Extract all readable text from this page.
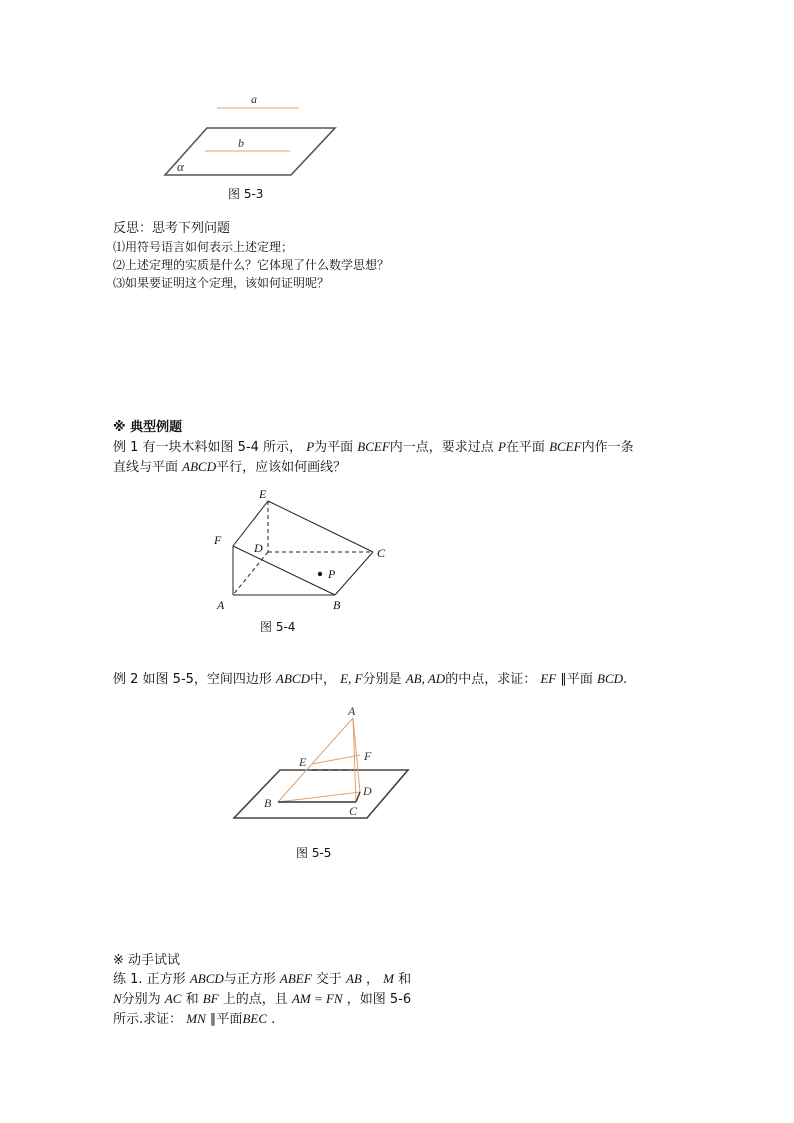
a
b
α
图 5-3
反思：思考下列问题
⑴用符号语言如何表示上述定理；
⑵上述定理的实质是什么？它体现了什么数学思想？
⑶如果要证明这个定理，该如何证明呢？
※ 典型例题
例 1 有一块木料如图 5-4 所示， P为平面 BCEF内一点，要求过点 P在平面 BCEF内作一条
直线与平面 ABCD平行，应该如何画线？
E
F
D	C
P
A	B
图 5-4
例 2 如图 5-5，空间四边形 ABCD中， E, F分别是 AB, AD的中点，求证： EF ∥平面 BCD.
A
F
E
B
D
C
图 5-5
※ 动手试试
练 1. 正方形 ABCD与正方形 ABEF 交于 AB ， M 和
N分别为 AC 和 BF 上的点，且 AM = FN ，如图 5-6
所示.求证： MN ∥平面BEC .
